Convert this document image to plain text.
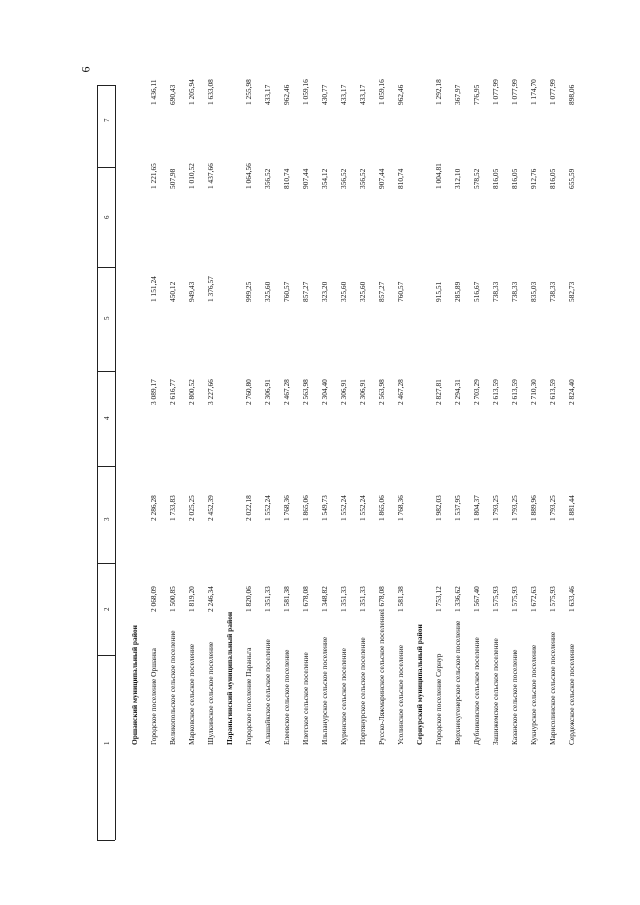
6
1
2
3
4
5
6
7
Оршанский муниципальный район Городское поселение Оршанка
2 068,09
2 286,28
3 089,17
1 151,24
1 221,65
1 436,11
Великопольское сельское поселение
1 500,85
1 733,83
2 616,77
450,12
507,98
690,43
Марковское сельское поселение
1 819,20
2 025,25
2 800,52
949,43
1 010,52
1 205,94
Шулкинское сельское поселение
2 246,34
2 452,39
3 227,66
1 376,57
1 437,66
1 633,08
Параньгинский муниципальный район Городское поселение Параньга
1 820,06
2 022,18
2 760,80
999,25
1 064,56
1 255,98
Алашайкское сельское поселение
1 351,33
1 552,24
2 306,91
325,60
356,52
433,17
Елеевское сельское поселение
1 581,38
1 768,36
2 467,28
760,57
810,74
962,46
Илетское сельское поселение
1 678,08
1 865,06
2 563,98
857,27
907,44
1 059,16
Ильпанурское сельское поселение
1 348,82
1 549,73
2 304,40
323,20
354,12
430,77
Куринское сельское поселение
1 351,33
1 552,24
2 306,91
325,60
356,52
433,17
Портянурское сельское поселение
1 351,33
1 552,24
2 306,91
325,60
356,52
433,17
Русско-Ляжмаринское сельское поселение
1 678,08
1 865,06
2 563,98
857,27
907,44
1 059,16
Усолинское сельское поселение
1 581,38
1 768,36
2 467,28
760,57
810,74
962,46
Сернурский муниципальный район Городское поселение Сернур
1 753,12
1 982,03
2 827,81
915,51
1 004,81
1 292,18
Верхнекугенерское сельское поселение
1 336,62
1 537,95
2 294,31
285,89
312,10
367,97
Дубниковское сельское поселение
1 567,40
1 804,37
2 703,29
516,67
578,52
776,95
Зашижемское сельское поселение
1 575,93
1 793,25
2 613,59
738,33
816,05
1 077,99
Казанское сельское поселение
1 575,93
1 793,25
2 613,59
738,33
816,05
1 077,99
Кукнурское сельское поселение
1 672,63
1 889,96
2 710,30
835,03
912,76
1 174,70
Марисолинское сельское поселение
1 575,93
1 793,25
2 613,59
738,33
816,05
1 077,99
Сердежское сельское поселение
1 633,46
1 881,44
2 824,40
582,73
655,59
898,06
